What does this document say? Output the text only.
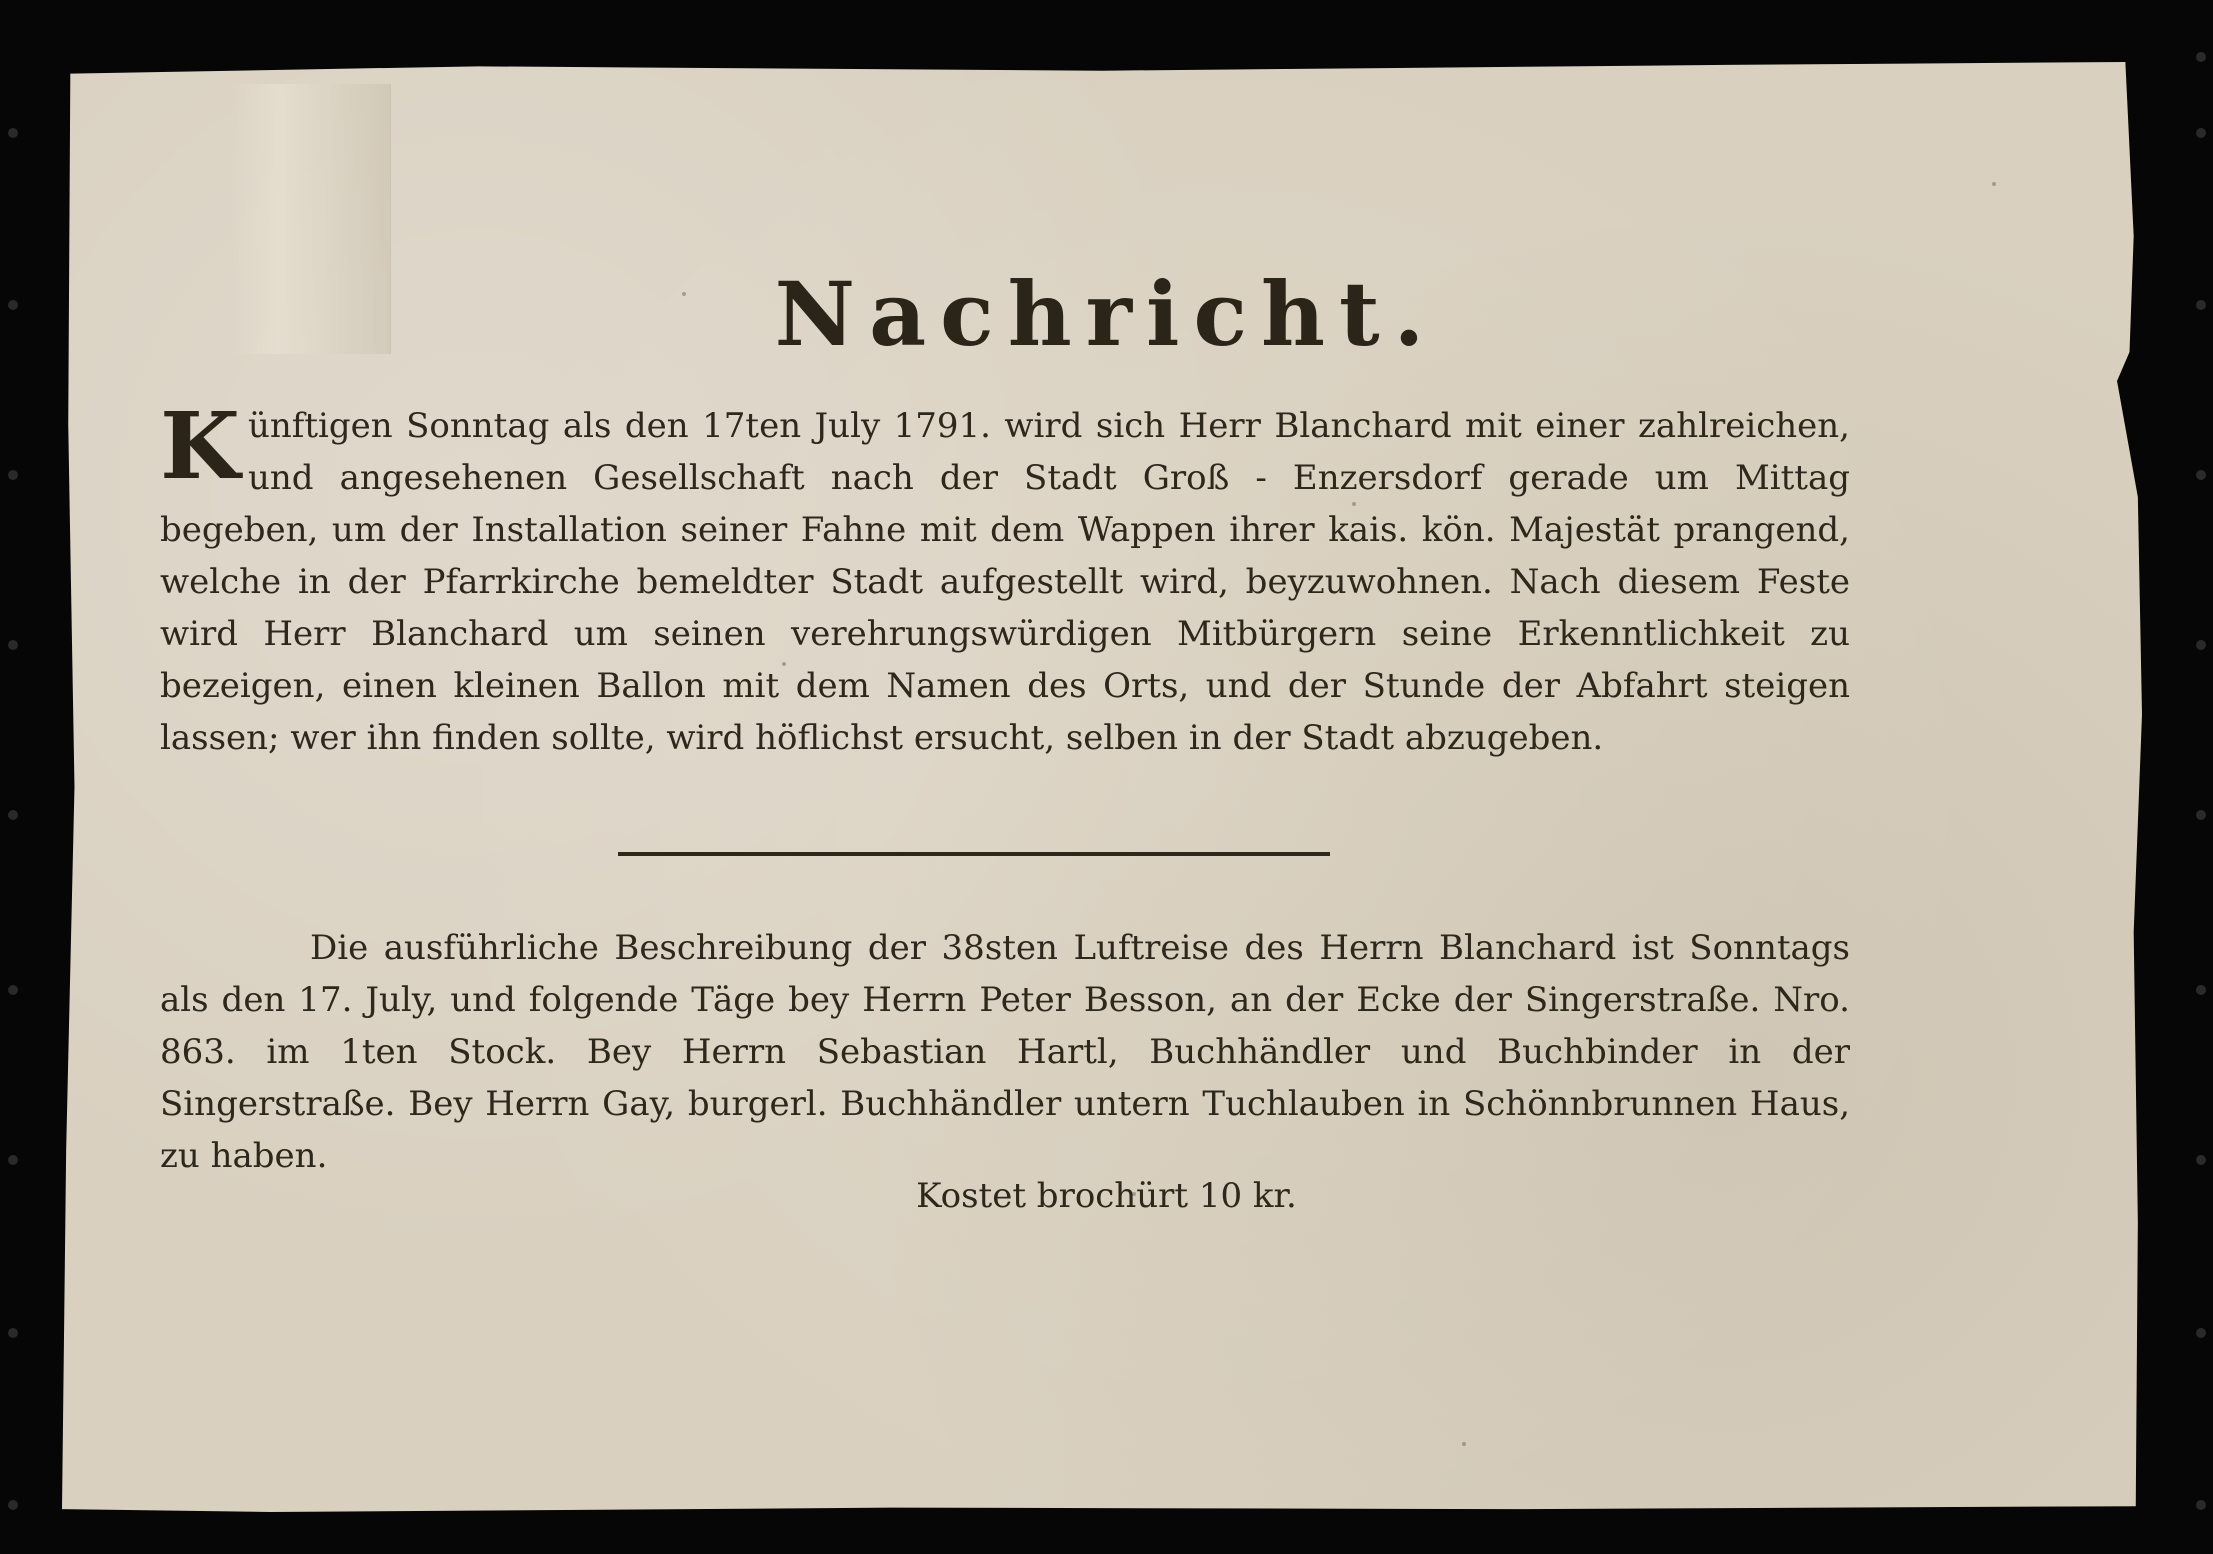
Nachricht.
Künftigen Sonntag als den 17ten July 1791. wird sich Herr Blanchard mit einer zahlreichen, und angesehenen Gesellschaft nach der Stadt Groß - Enzersdorf gerade um Mittag begeben, um der Installation seiner Fahne mit dem Wappen ihrer kais. kön. Majestät prangend, welche in der Pfarrkirche bemeldter Stadt aufgestellt wird, beyzuwohnen. Nach diesem Feste wird Herr Blanchard um seinen verehrungswürdigen Mitbürgern seine Erkenntlichkeit zu bezeigen, einen kleinen Ballon mit dem Namen des Orts, und der Stunde der Abfahrt steigen lassen; wer ihn finden sollte, wird höflichst ersucht, selben in der Stadt abzugeben.
Die ausführliche Beschreibung der 38sten Luftreise des Herrn Blanchard ist Sonntags als den 17. July, und folgende Täge bey Herrn Peter Besson, an der Ecke der Singerstraße. Nro. 863. im 1ten Stock. Bey Herrn Sebastian Hartl, Buchhändler und Buchbinder in der Singerstraße. Bey Herrn Gay, burgerl. Buchhändler untern Tuchlauben in Schönnbrunnen Haus, zu haben.
Kostet brochürt 10 kr.
